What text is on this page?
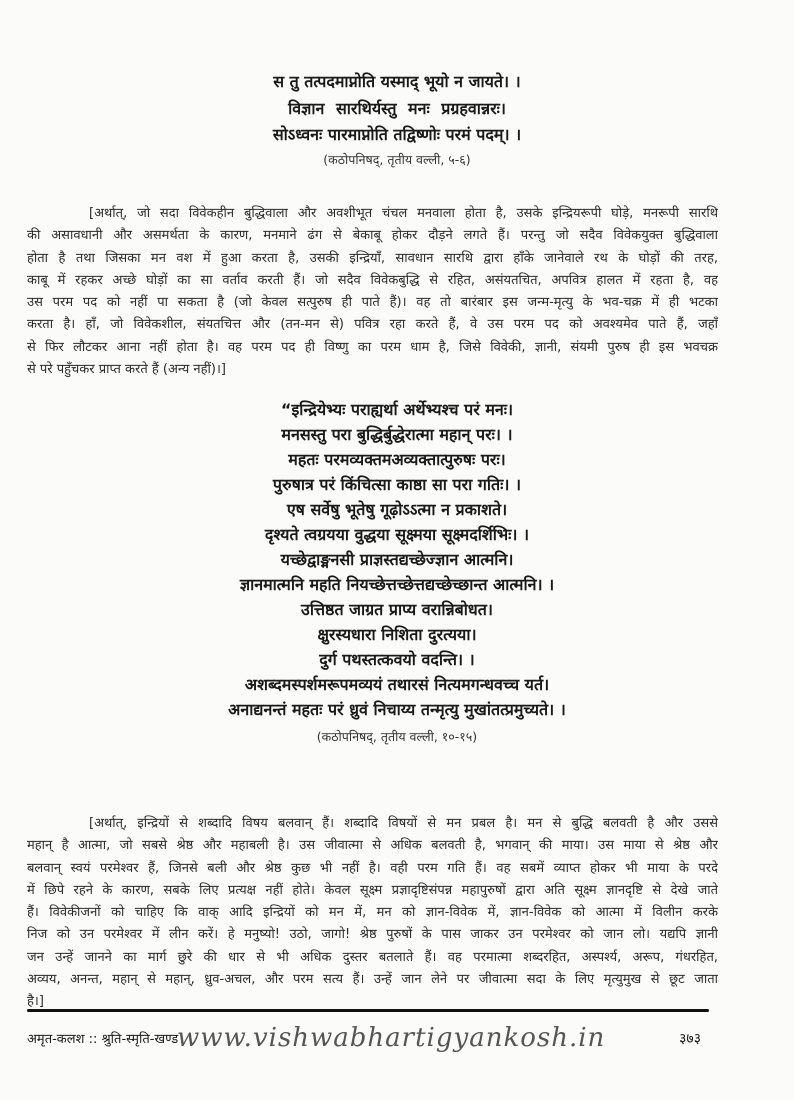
स तु तत्पदमाप्नोति यस्माद् भूयो न जायते। ।
विज्ञान सारथिर्यस्तु मनः प्रग्रहवान्नरः।
सोऽध्वनः पारमाप्नोति तद्विष्णोः परमं पदम्। ।
(कठोपनिषद्, तृतीय वल्ली, ५-६)
[अर्थात्, जो सदा विवेकहीन बुद्धिवाला और अवशीभूत चंचल मनवाला होता है, उसके इन्द्रियरूपी घोड़े, मनरूपी सारथि
की असावधानी और असमर्थता के कारण, मनमाने ढंग से बेकाबू होकर दौड़ने लगते हैं। परन्तु जो सदैव विवेकयुक्त बुद्धिवाला
होता है तथा जिसका मन वश में हुआ करता है, उसकी इन्द्रियाँ, सावधान सारथि द्वारा हाँके जानेवाले रथ के घोड़ों की तरह,
काबू में रहकर अच्छे घोड़ों का सा वर्ताव करती हैं। जो सदैव विवेकबुद्धि से रहित, असंयतचित, अपवित्र हालत में रहता है, वह
उस परम पद को नहीं पा सकता है (जो केवल सत्पुरुष ही पाते हैं)। वह तो बारंबार इस जन्म-मृत्यु के भव-चक्र में ही भटका
करता है। हाँ, जो विवेकशील, संयतचित्त और (तन-मन से) पवित्र रहा करते हैं, वे उस परम पद को अवश्यमेव पाते हैं, जहाँ
से फिर लौटकर आना नहीं होता है। वह परम पद ही विष्णु का परम धाम है, जिसे विवेकी, ज्ञानी, संयमी पुरुष ही इस भवचक्र
से परे पहुँचकर प्राप्त करते हैं (अन्य नहीं)।]
“इन्द्रियेभ्यः पराह्यर्था अर्थेभ्यश्च परं मनः।
मनसस्तु परा बुद्धिर्बुद्धेरात्मा महान् परः। ।
महतः परमव्यक्तमअव्यक्तात्पुरुषः परः।
पुरुषात्र परं किंचित्सा काष्ठा सा परा गतिः। ।
एष सर्वेषु भूतेषु गूढ़ोऽऽत्मा न प्रकाशते।
दृश्यते त्वग्रयया वुद्धया सूक्ष्मया सूक्ष्मदर्शिभिः। ।
यच्छेद्वाङ्मनसी प्राज्ञस्तद्यच्छेज्ज्ञान आत्मनि।
ज्ञानमात्मनि महति नियच्छेत्तच्छेत्तद्यच्छेच्छान्त आत्मनि। ।
उत्तिष्ठत जाग्रत प्राप्य वरान्निबोधत।
क्षुरस्यधारा निशिता दुरत्यया।
दुर्ग पथस्तत्कवयो वदन्ति। ।
अशब्दमस्पर्शमरूपमव्ययं तथारसं नित्यमगन्धवच्च यर्त।
अनाद्यनन्तं महतः परं ध्रुवं निचाय्य तन्मृत्यु मुखांतत्प्रमुच्यते। ।
(कठोपनिषद्, तृतीय वल्ली, १०-१५)
[अर्थात्, इन्द्रियों से शब्दादि विषय बलवान् हैं। शब्दादि विषयों से मन प्रबल है। मन से बुद्धि बलवती है और उससे
महान् है आत्मा, जो सबसे श्रेष्ठ और महाबली है। उस जीवात्मा से अधिक बलवती है, भगवान् की माया। उस माया से श्रेष्ठ और
बलवान् स्वयं परमेश्वर हैं, जिनसे बली और श्रेष्ठ कुछ भी नहीं है। वही परम गति हैं। वह सबमें व्याप्त होकर भी माया के परदे
में छिपे रहने के कारण, सबके लिए प्रत्यक्ष नहीं होते। केवल सूक्ष्म प्रज्ञादृष्टिसंपन्न महापुरुषों द्वारा अति सूक्ष्म ज्ञानदृष्टि से देखे जाते
हैं। विवेकीजनों को चाहिए कि वाक् आदि इन्द्रियों को मन में, मन को ज्ञान-विवेक में, ज्ञान-विवेक को आत्मा में विलीन करके
निज को उन परमेश्वर में लीन करें। हे मनुष्यो! उठो, जागो! श्रेष्ठ पुरुषों के पास जाकर उन परमेश्वर को जान लो। यद्यपि ज्ञानी
जन उन्हें जानने का मार्ग छुरे की धार से भी अधिक दुस्तर बतलाते हैं। वह परमात्मा शब्दरहित, अस्पर्श्य, अरूप, गंधरहित,
अव्यय, अनन्त, महान् से महान्, ध्रुव-अचल, और परम सत्य हैं। उन्हें जान लेने पर जीवात्मा सदा के लिए मृत्युमुख से छूट जाता
है।]
अमृत-कलश :: श्रुति-स्मृति-खण्ड
www.vishwabhartigyankosh.in	३७३
